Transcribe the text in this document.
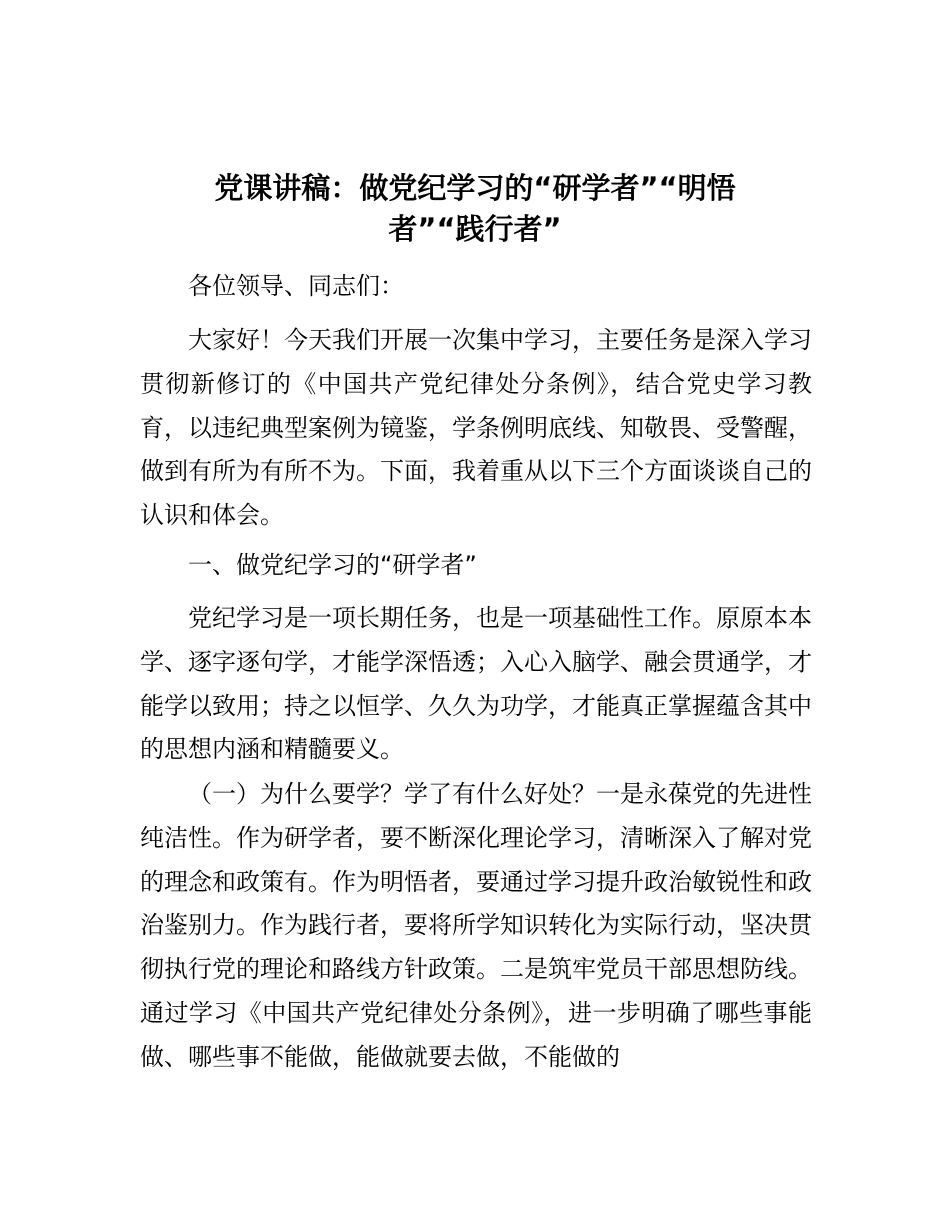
党课讲稿：做党纪学习的“研学者”“明悟
者”“践行者”

各位领导、同志们：

大家好！今天我们开展一次集中学习，主要任务是深入学习贯彻新修订的《中国共产党纪律处分条例》，结合党史学习教育，以违纪典型案例为镜鉴，学条例明底线、知敬畏、受警醒，做到有所为有所不为。下面，我着重从以下三个方面谈谈自己的认识和体会。

一、做党纪学习的“研学者”

党纪学习是一项长期任务，也是一项基础性工作。原原本本学、逐字逐句学，才能学深悟透；入心入脑学、融会贯通学，才能学以致用；持之以恒学、久久为功学，才能真正掌握蕴含其中的思想内涵和精髓要义。

（一）为什么要学？学了有什么好处？一是永葆党的先进性纯洁性。作为研学者，要不断深化理论学习，清晰深入了解对党的理念和政策有。作为明悟者，要通过学习提升政治敏锐性和政治鉴别力。作为践行者，要将所学知识转化为实际行动，坚决贯彻执行党的理论和路线方针政策。二是筑牢党员干部思想防线。通过学习《中国共产党纪律处分条例》，进一步明确了哪些事能做、哪些事不能做，能做就要去做，不能做的
